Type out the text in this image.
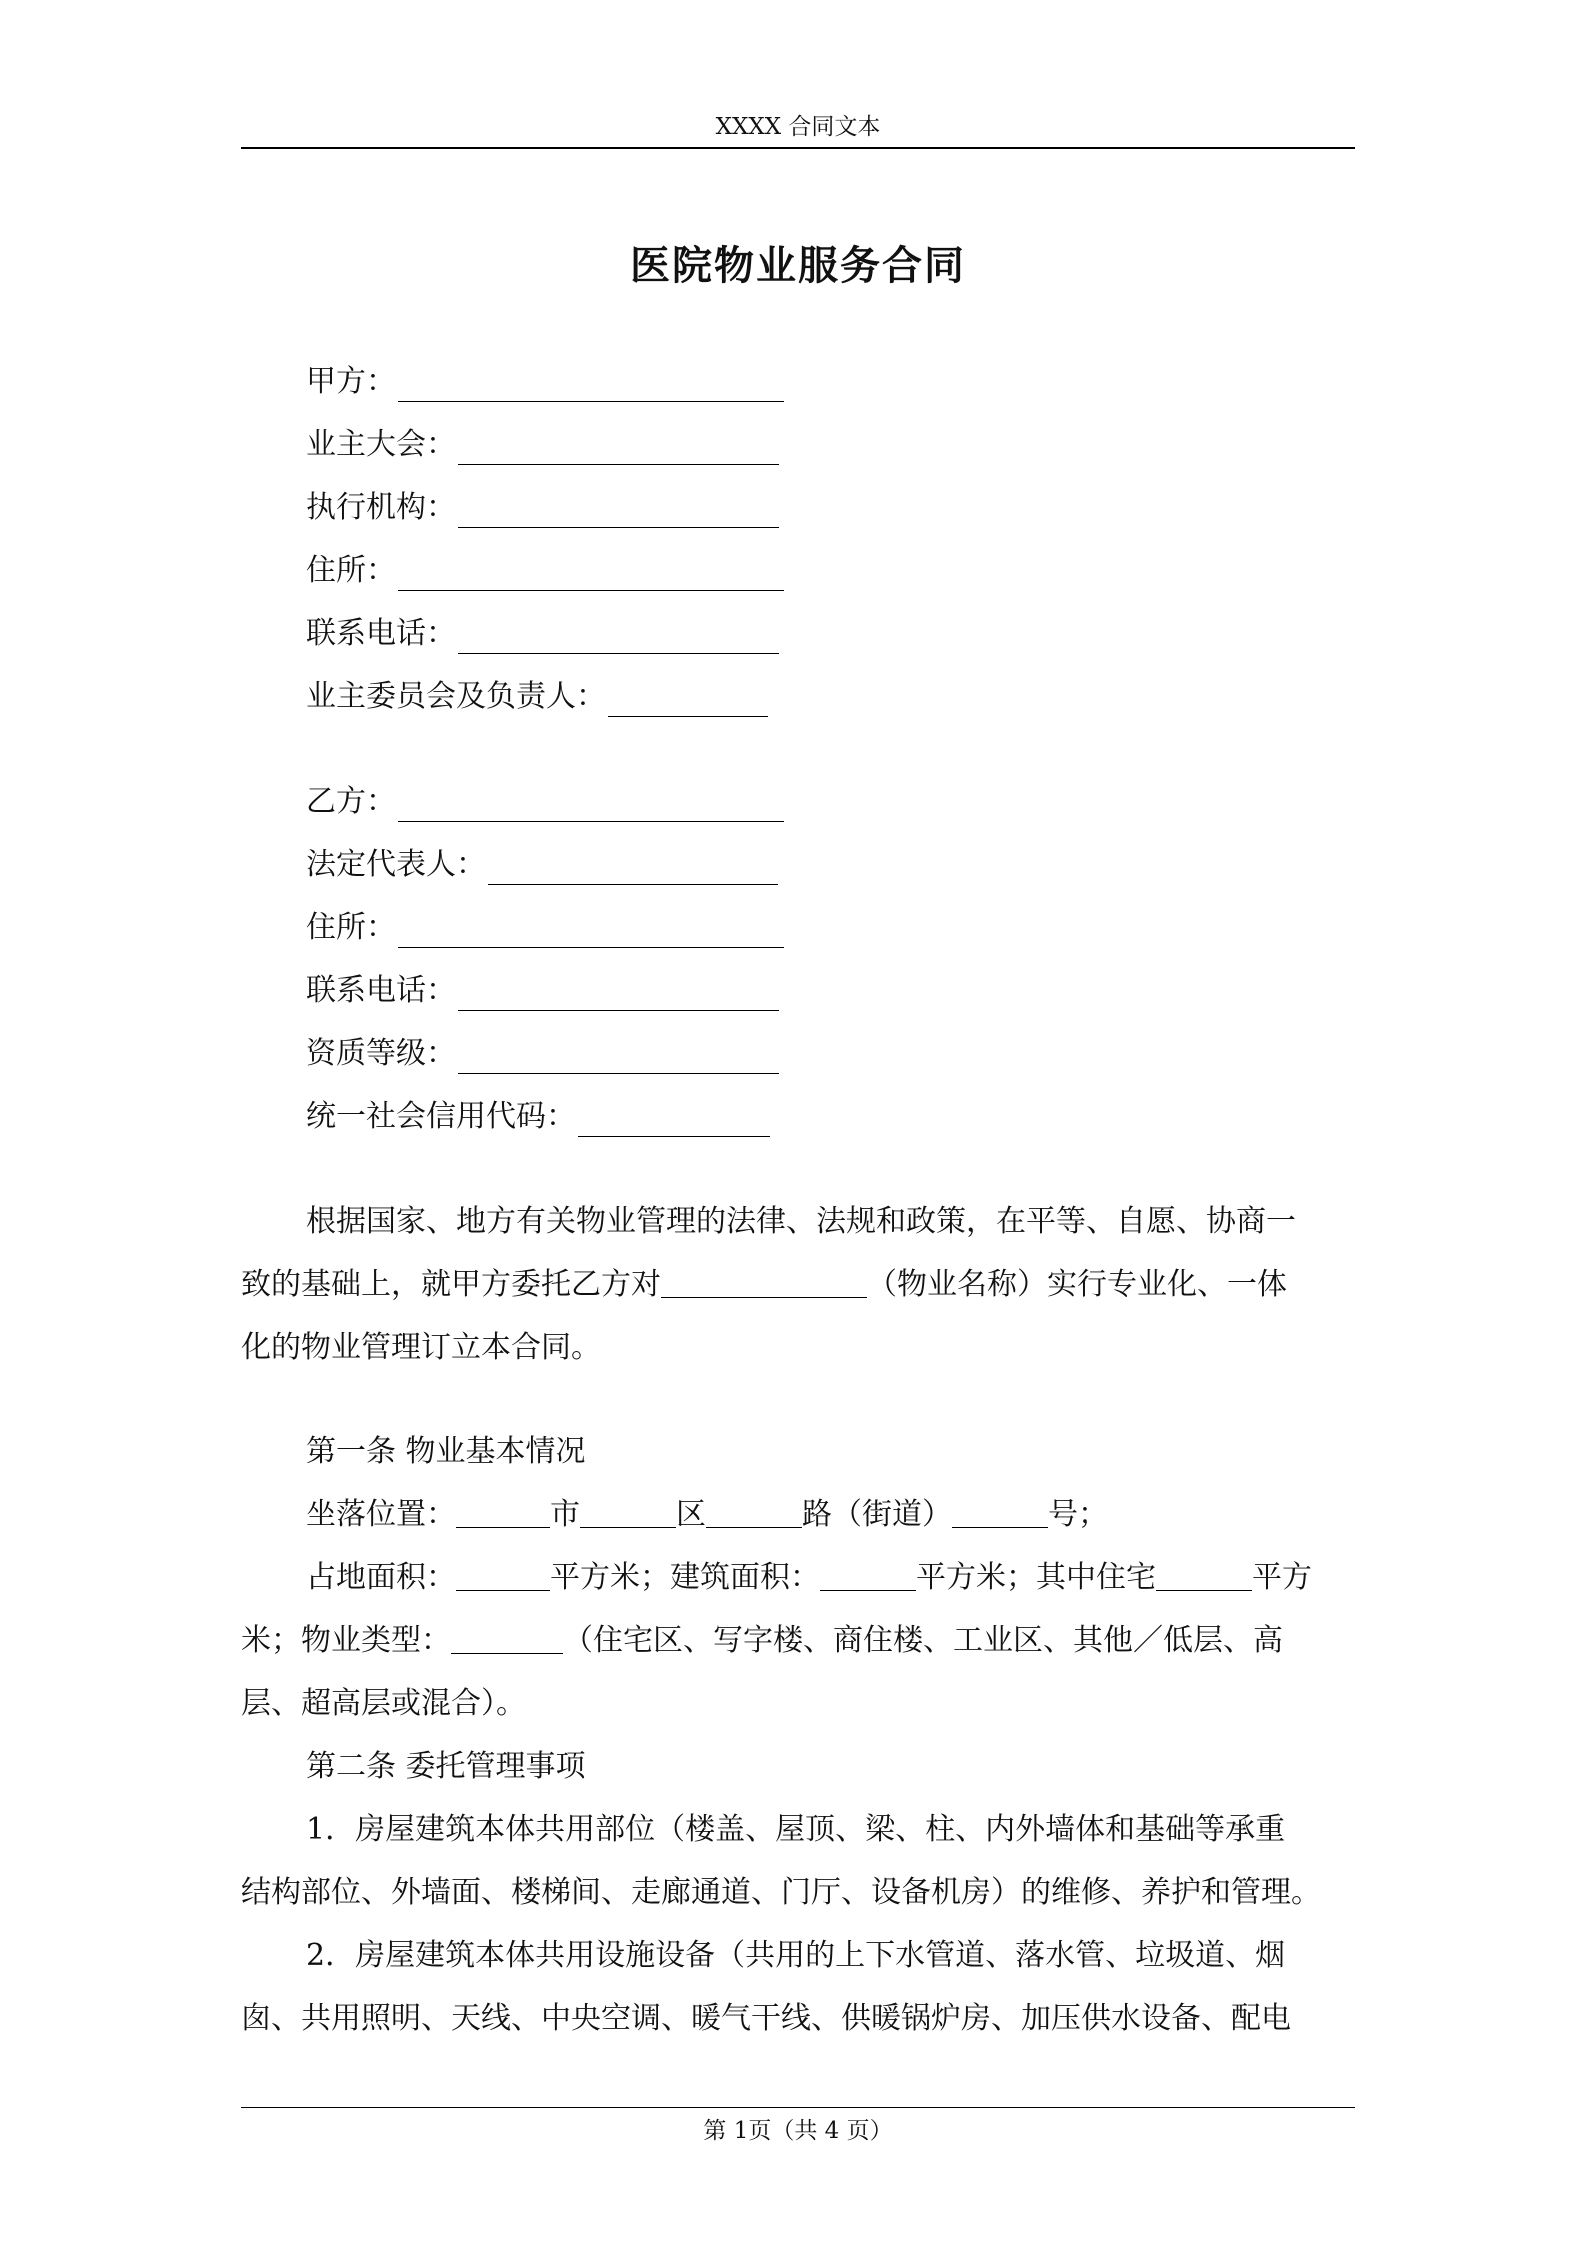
XXXX 合同文本
医院物业服务合同
甲方：
业主大会：
执行机构：
住所：
联系电话：
业主委员会及负责人：
乙方：
法定代表人：
住所：
联系电话：
资质等级：
统一社会信用代码：
根据国家、地方有关物业管理的法律、法规和政策，在平等、自愿、协商一
致的基础上，就甲方委托乙方对	（物业名称）实行专业化、一体
化的物业管理订立本合同。
第一条 物业基本情况
坐落位置：	市	区	路（街道）	号；
占地面积：	平方米；建筑面积：	平方米；其中住宅	平方
米；物业类型：	（住宅区、写字楼、商住楼、工业区、其他／低层、高
层、超高层或混合）。
第二条 委托管理事项
1．房屋建筑本体共用部位（楼盖、屋顶、梁、柱、内外墙体和基础等承重
结构部位、外墙面、楼梯间、走廊通道、门厅、设备机房）的维修、养护和管理。
2．房屋建筑本体共用设施设备（共用的上下水管道、落水管、垃圾道、烟
囱、共用照明、天线、中央空调、暖气干线、供暖锅炉房、加压供水设备、配电
第 1页（共 4 页）
